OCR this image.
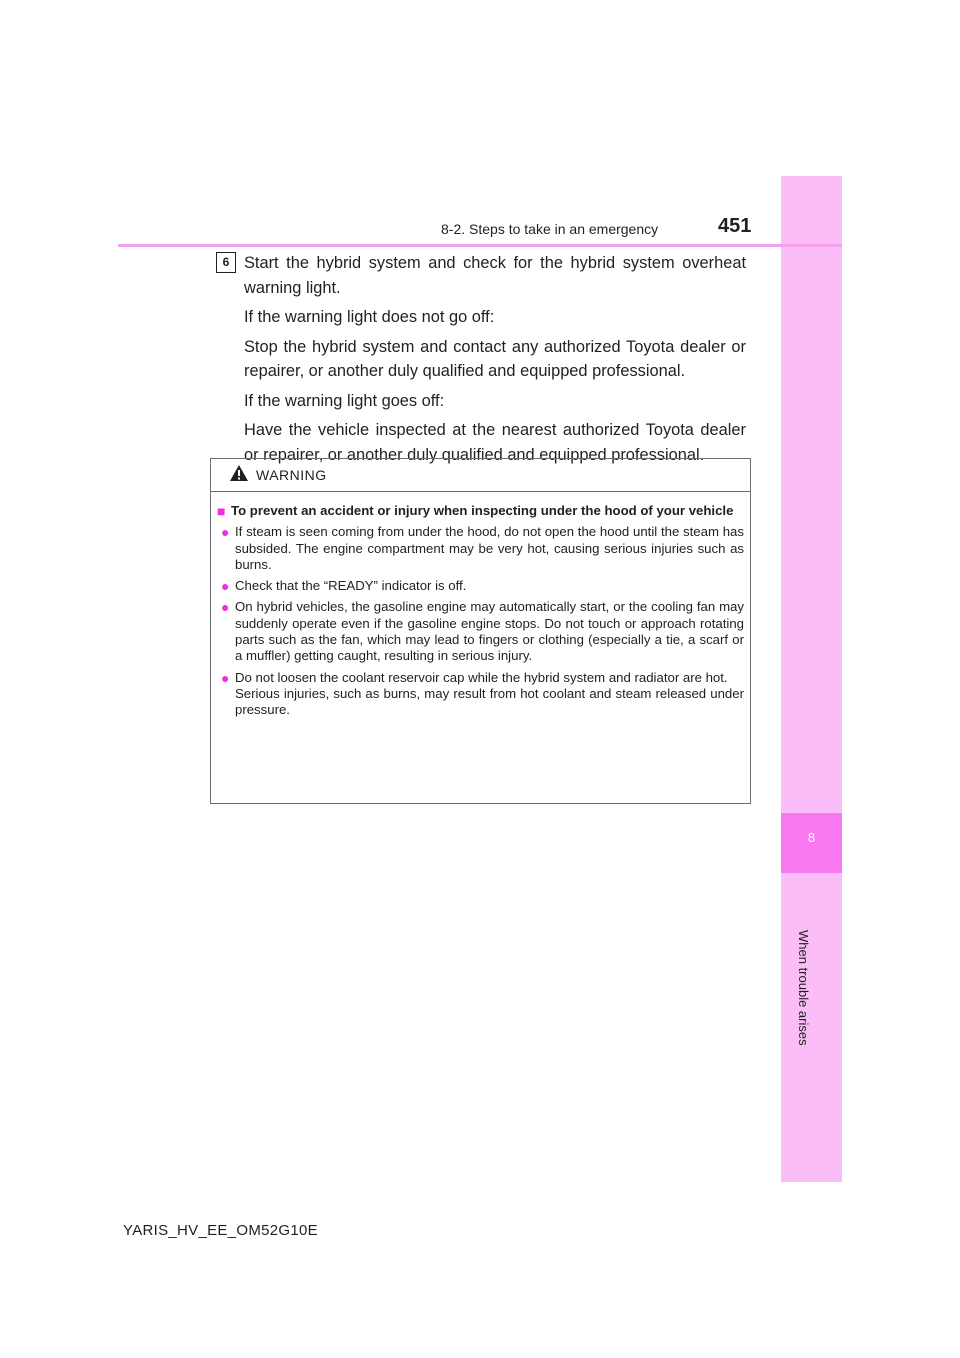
8
When trouble arises
8-2. Steps to take in an emergency	451
6 Start the hybrid system and check for the hybrid system overheat warning light.

If the warning light does not go off:

Stop the hybrid system and contact any authorized Toyota dealer or repairer, or another duly qualified and equipped professional.

If the warning light goes off:

Have the vehicle inspected at the nearest authorized Toyota dealer or repairer, or another duly qualified and equipped professional.

WARNING
■ To prevent an accident or injury when inspecting under the hood of your vehicle
● If steam is seen coming from under the hood, do not open the hood until the steam has subsided. The engine compartment may be very hot, causing serious injuries such as burns.
● Check that the “READY” indicator is off.
● On hybrid vehicles, the gasoline engine may automatically start, or the cooling fan may suddenly operate even if the gasoline engine stops. Do not touch or approach rotating parts such as the fan, which may lead to fingers or clothing (especially a tie, a scarf or a muffler) getting caught, resulting in serious injury.
● Do not loosen the coolant reservoir cap while the hybrid system and radiator are hot.
Serious injuries, such as burns, may result from hot coolant and steam released under pressure.
YARIS_HV_EE_OM52G10E
